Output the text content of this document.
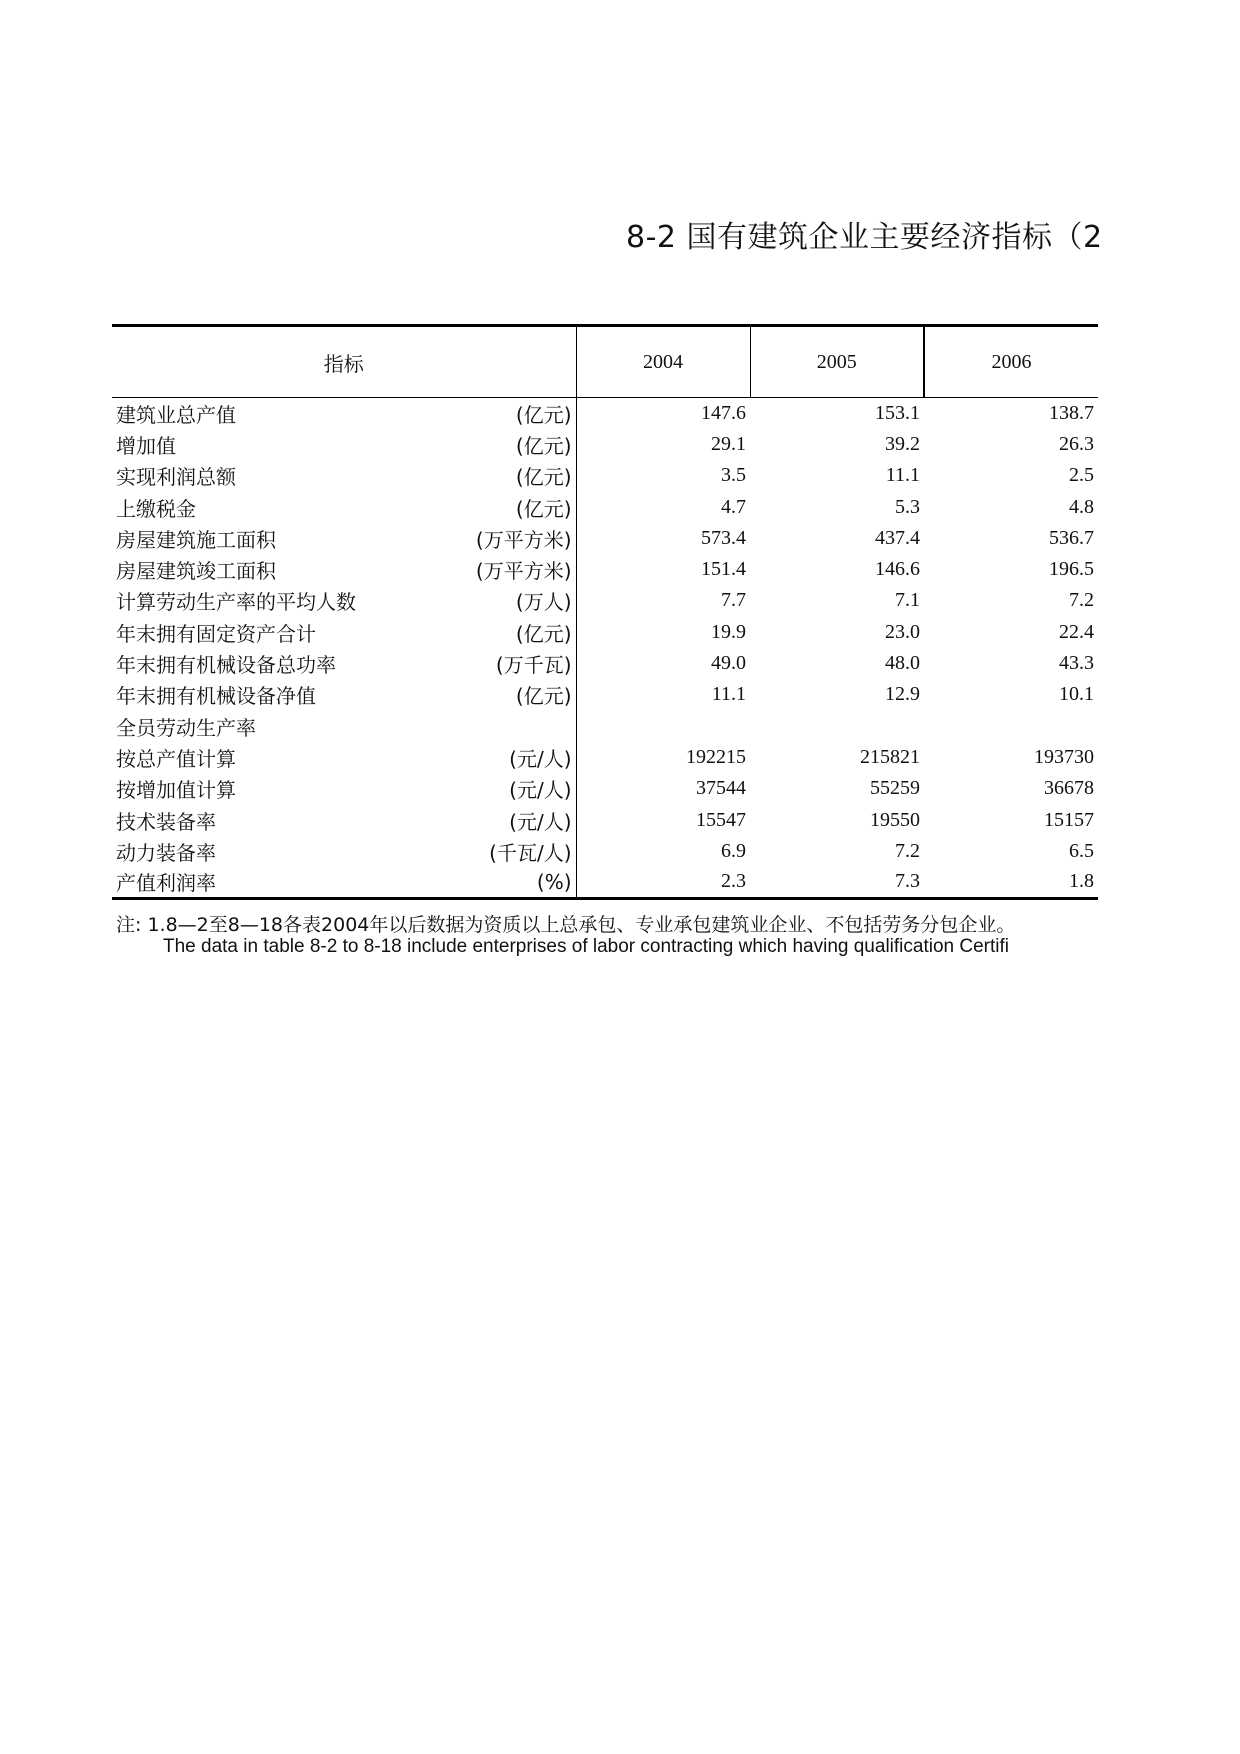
8-2 国有建筑企业主要经济指标（2
指标	2004	2005	2006
建筑业总产值 (亿元)	147.6	153.1	138.7
增加值 (亿元)	29.1	39.2	26.3
实现利润总额 (亿元)	3.5	11.1	2.5
上缴税金 (亿元)	4.7	5.3	4.8
房屋建筑施工面积 (万平方米)	573.4	437.4	536.7
房屋建筑竣工面积 (万平方米)	151.4	146.6	196.5
计算劳动生产率的平均人数 (万人)	7.7	7.1	7.2
年末拥有固定资产合计 (亿元)	19.9	23.0	22.4
年末拥有机械设备总功率 (万千瓦)	49.0	48.0	43.3
年末拥有机械设备净值 (亿元)	11.1	12.9	10.1
全员劳动生产率

按总产值计算 (元/人)	192215	215821	193730
按增加值计算 (元/人)	37544	55259	36678
技术装备率 (元/人)	15547	19550	15157
动力装备率 (千瓦/人)	6.9	7.2	6.5
产值利润率 (%)	2.3	7.3	1.8
注: 1.8—2至8—18各表2004年以后数据为资质以上总承包、专业承包建筑业企业、不包括劳务分包企业。
The data in table 8-2 to 8-18 include enterprises of labor contracting which having qualification Certifi
